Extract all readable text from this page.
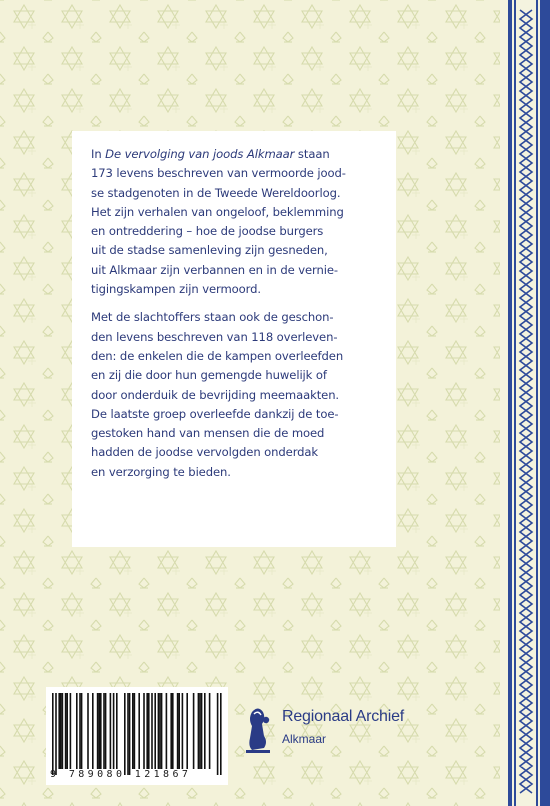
In De vervolging van joods Alkmaar staan
173 levens beschreven van vermoorde jood-
se stadgenoten in de Tweede Wereldoorlog.
Het zijn verhalen van ongeloof, beklemming
en ontreddering – hoe de joodse burgers
uit de stadse samenleving zijn gesneden,
uit Alkmaar zijn verbannen en in de vernie-
tigingskampen zijn vermoord.

Met de slachtoffers staan ook de geschon-
den levens beschreven van 118 overleven-
den: de enkelen die de kampen overleefden
en zij die door hun gemengde huwelijk of
door onderduik de bevrijding meemaakten.
De laatste groep overleefde dankzij de toe-
gestoken hand van mensen die de moed
hadden de joodse vervolgden onderdak
en verzorging te bieden.

9 789080 121867
Regionaal Archief
Alkmaar
